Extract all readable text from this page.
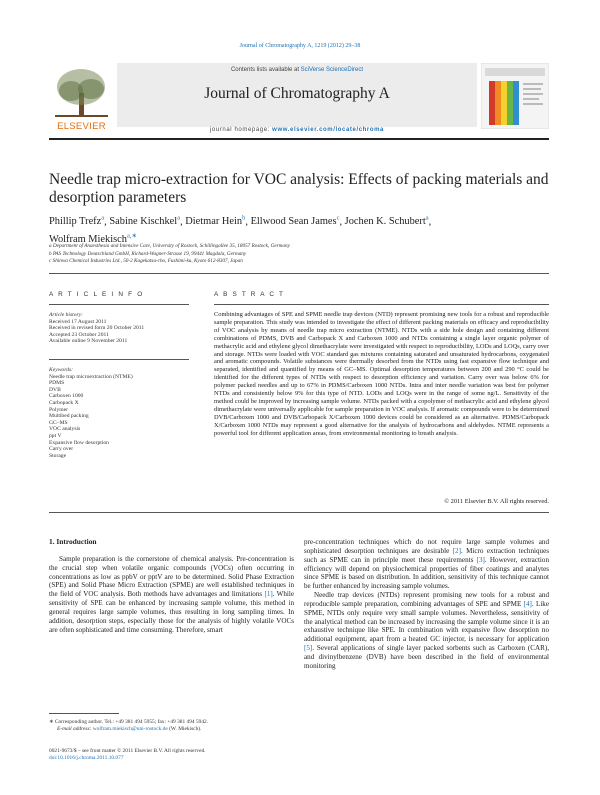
Journal of Chromatography A, 1219 (2012) 29–38
ELSEVIER
Contents lists available at SciVerse ScienceDirect
Journal of Chromatography A
journal homepage: www.elsevier.com/locate/chroma
Needle trap micro-extraction for VOC analysis: Effects of packing materials and desorption parameters
Phillip Trefz$^a$, Sabine Kischkel$^a$, Dietmar Hein$^b$, Ellwood Sean James$^c$, Jochen K. Schubert$^a$,
Wolfram Miekisch$^{a,∗}$
a Department of Anaesthesia and Intensive Care, University of Rostock, Schillingallee 35, 18057 Rostock, Germany
b PAS Technology Deutschland GmbH, Richard-Wagner-Strasse 19, 99441 Magdala, Germany
c Shinwa Chemical Industries Ltd., 50-2 Kagekatsu-cho, Fushimi-ku, Kyoto 612-8307, Japan
A R T I C L E I N F O	A B S T R A C T
Article history:
Received 17 August 2011
Received in revised form 20 October 2011
Accepted 23 October 2011
Available online 9 November 2011
Keywords:
Needle trap microextraction (NTME)
PDMS
DVB
Carboxen 1000
Carbopack X
Polymer
Multibed packing
GC–MS
VOC analysis
ppt V
Expansive flow desorption
Carry over
Storage
Combining advantages of SPE and SPME needle trap devices (NTD) represent promising new tools for a robust and reproducible sample preparation. This study was intended to investigate the effect of different packing materials on efficacy and reproducibility of VOC analysis by means of needle trap micro extraction (NTME). NTDs with a side hole design and containing different combinations of PDMS, DVB and Carbopack X and Carboxen 1000 and NTDs containing a single layer organic polymer of methacrylic acid and ethylene glycol dimethacrylate were investigated with respect to reproducibility, LODs and LOQs, carry over and storage. NTDs were loaded with VOC standard gas mixtures containing saturated and unsaturated hydrocarbons, oxygenated and aromatic compounds. Volatile substances were thermally desorbed from the NTDs using fast expansive flow technique and separated, identified and quantified by means of GC–MS. Optimal desorption temperatures between 200 and 290 °C could be identified for the different types of NTDs with respect to desorption efficiency and variation. Carry over was below 6% for polymer packed needles and up to 67% in PDMS/Carboxen 1000 NTDs. Intra and inter needle variation was best for polymer NTDs and consistently below 9% for this type of NTD. LODs and LOQs were in the range of some ng/L. Sensitivity of the method could be improved by increasing sample volume. NTDs packed with a copolymer of methacrylic acid and ethylene glycol dimethacrylate were universally applicable for sample preparation in VOC analysis. If aromatic compounds were to be determined DVB/Carboxen 1000 and DVB/Carbopack X/Carboxen 1000 devices could be considered as an alternative. PDMS/Carbopack X/Carboxen 1000 NTDs may represent a good alternative for the analysis of hydrocarbons and aldehydes. NTME represents a powerful tool for different application areas, from environmental monitoring to breath analysis.
© 2011 Elsevier B.V. All rights reserved.

1. Introduction

Sample preparation is the cornerstone of chemical analysis. Pre-concentration is the crucial step when volatile organic compounds (VOCs) often occurring in concentrations as low as ppbV or pptV are to be determined. Solid Phase Extraction (SPE) and Solid Phase Micro Extraction (SPME) are well established techniques in the field of VOC analysis. Both methods have advantages and limitations [1]. While sensitivity of SPE can be enhanced by increasing sample volume, this method in general requires large sample volumes, thus resulting in long sampling times. In addition, desorption steps, especially those for the analysis of highly volatile VOCs are often sophisticated and time consuming. Therefore, smart

pre-concentration techniques which do not require large sample volumes and sophisticated desorption techniques are desirable [2]. Micro extraction techniques such as SPME can in principle meet these requirements [3]. However, extraction efficiency will depend on physiochemical properties of fiber coatings and analytes since SPME is based on distribution. In addition, sensitivity of this technique cannot be further enhanced by increasing sample volumes.

Needle trap devices (NTDs) represent promising new tools for a robust and reproducible sample preparation, combining advantages of SPE and SPME [4]. Like SPME, NTDs only require very small sample volumes. Nevertheless, sensitivity of the analytical method can be increased by increasing the sample volume since it is an exhaustive technique like SPE. In combination with expansive flow desorption no additional equipment, apart from a heated GC injector, is necessary for application [5]. Several applications of single layer packed sorbents such as Carboxen (CAR), and divinylbenzene (DVB) have been described in the field of environmental monitoring

∗ Corresponding author. Tel.: +49 381 494 5955; fax: +49 381 494 5942.
E-mail address: wolfram.miekisch@uni-rostock.de (W. Miekisch).
0021-9673/$ – see front matter © 2011 Elsevier B.V. All rights reserved.
doi:10.1016/j.chroma.2011.10.077
